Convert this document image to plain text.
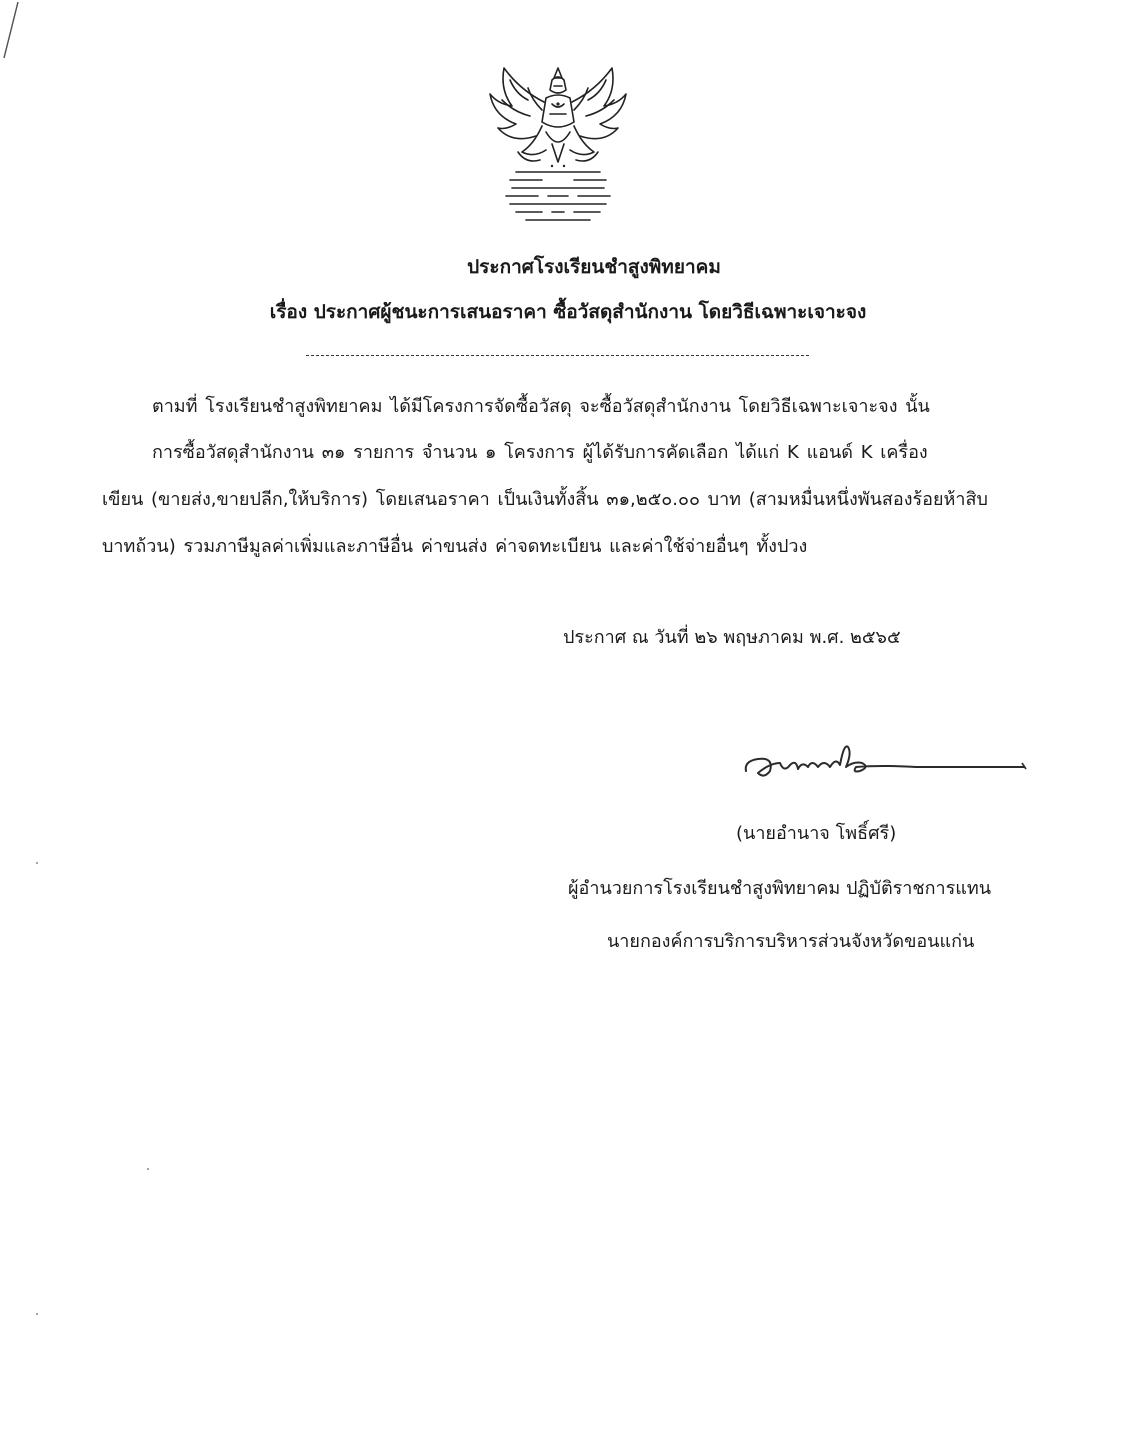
ประกาศโรงเรียนชำสูงพิทยาคม
เรื่อง ประกาศผู้ชนะการเสนอราคา ซื้อวัสดุสำนักงาน โดยวิธีเฉพาะเจาะจง
ตามที่ โรงเรียนชำสูงพิทยาคม ได้มีโครงการจัดซื้อวัสดุ จะซื้อวัสดุสำนักงาน โดยวิธีเฉพาะเจาะจง นั้น
การซื้อวัสดุสำนักงาน ๓๑ รายการ จำนวน ๑ โครงการ ผู้ได้รับการคัดเลือก ได้แก่ K แอนด์ K เครื่อง
เขียน (ขายส่ง,ขายปลีก,ให้บริการ) โดยเสนอราคา เป็นเงินทั้งสิ้น ๓๑,๒๕๐.๐๐ บาท (สามหมื่นหนึ่งพันสองร้อยห้าสิบ
บาทถ้วน) รวมภาษีมูลค่าเพิ่มและภาษีอื่น ค่าขนส่ง ค่าจดทะเบียน และค่าใช้จ่ายอื่นๆ ทั้งปวง
ประกาศ ณ วันที่ ๒๖ พฤษภาคม พ.ศ. ๒๕๖๕
(นายอำนาจ โพธิ์ศรี)
ผู้อำนวยการโรงเรียนชำสูงพิทยาคม ปฏิบัติราชการแทน
นายกองค์การบริการบริหารส่วนจังหวัดขอนแก่น
